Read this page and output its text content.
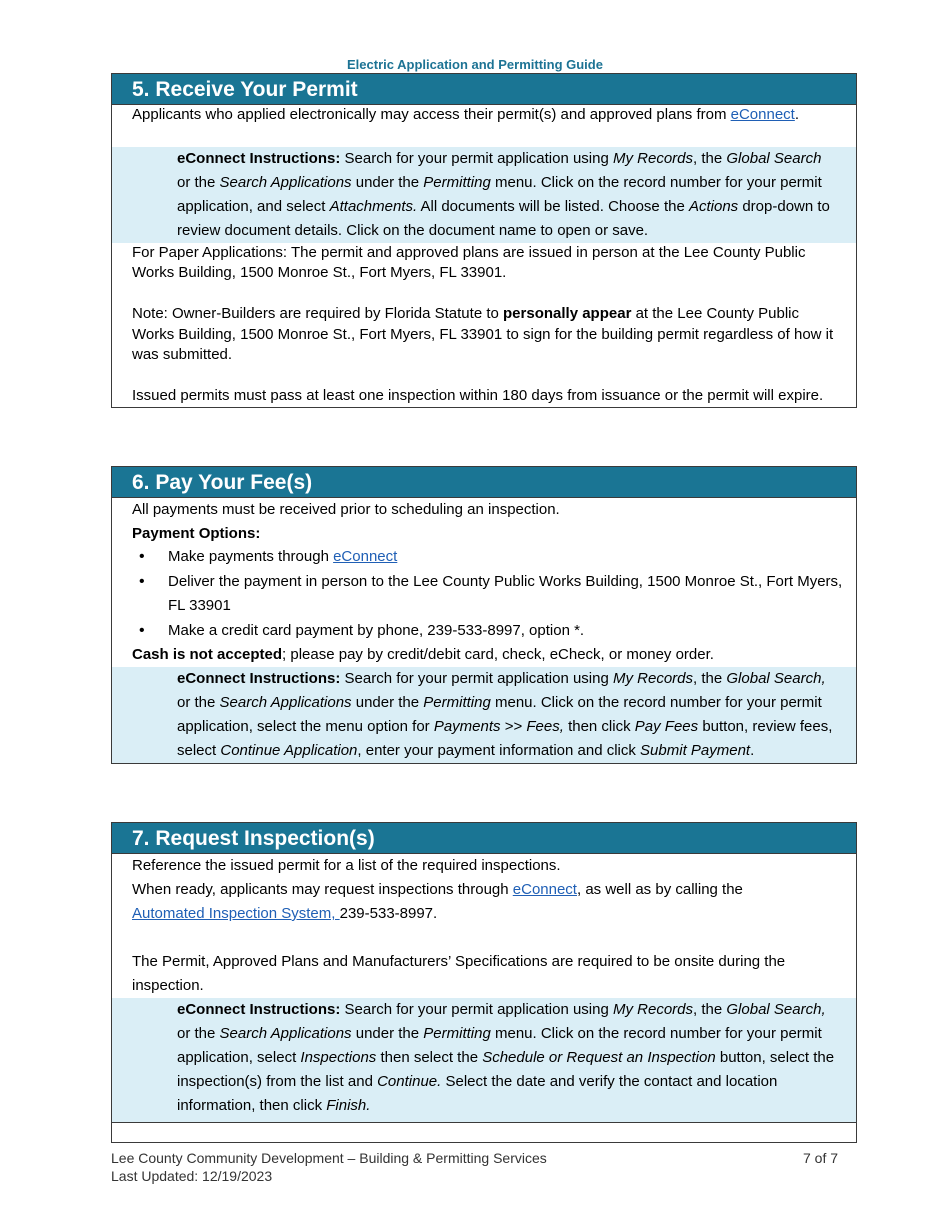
Electric Application and Permitting Guide
5. Receive Your Permit
Applicants who applied electronically may access their permit(s) and approved plans from eConnect.
eConnect Instructions: Search for your permit application using My Records, the Global Search or the Search Applications under the Permitting menu. Click on the record number for your permit application, and select Attachments. All documents will be listed. Choose the Actions drop-down to review document details. Click on the document name to open or save.
For Paper Applications: The permit and approved plans are issued in person at the Lee County Public Works Building, 1500 Monroe St., Fort Myers, FL 33901.
Note: Owner-Builders are required by Florida Statute to personally appear at the Lee County Public Works Building, 1500 Monroe St., Fort Myers, FL 33901 to sign for the building permit regardless of how it was submitted.
Issued permits must pass at least one inspection within 180 days from issuance or the permit will expire.
6. Pay Your Fee(s)
All payments must be received prior to scheduling an inspection.
Payment Options:
• Make payments through eConnect
• Deliver the payment in person to the Lee County Public Works Building, 1500 Monroe St., Fort Myers, FL 33901
• Make a credit card payment by phone, 239-533-8997, option *.
Cash is not accepted; please pay by credit/debit card, check, eCheck, or money order.
eConnect Instructions: Search for your permit application using My Records, the Global Search, or the Search Applications under the Permitting menu. Click on the record number for your permit application, select the menu option for Payments >> Fees, then click Pay Fees button, review fees, select Continue Application, enter your payment information and click Submit Payment.
7. Request Inspection(s)
Reference the issued permit for a list of the required inspections.
When ready, applicants may request inspections through eConnect, as well as by calling the
Automated Inspection System, 239-533-8997.
The Permit, Approved Plans and Manufacturers’ Specifications are required to be onsite during the inspection.
eConnect Instructions: Search for your permit application using My Records, the Global Search, or the Search Applications under the Permitting menu. Click on the record number for your permit application, select Inspections then select the Schedule or Request an Inspection button, select the inspection(s) from the list and Continue. Select the date and verify the contact and location information, then click Finish.
Lee County Community Development – Building & Permitting Services
Last Updated: 12/19/2023
7 of 7
